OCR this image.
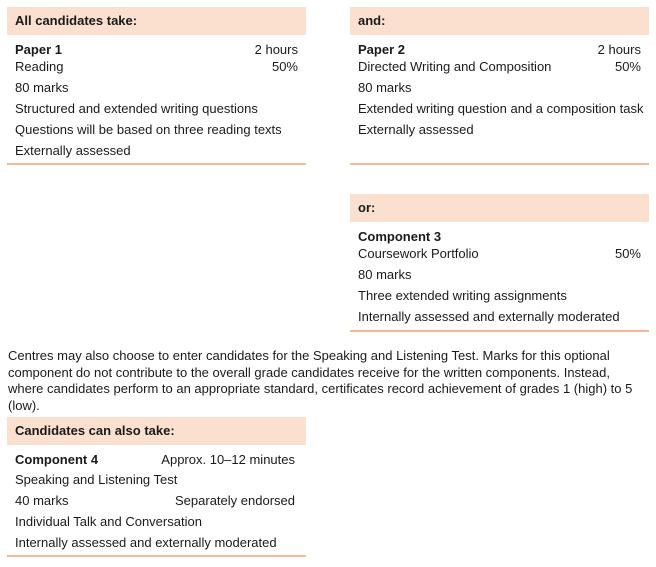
All candidates take:
Paper 1	2 hours
Reading	50%
80 marks
Structured and extended writing questions
Questions will be based on three reading texts
Externally assessed
and:
Paper 2	2 hours
Directed Writing and Composition	50%
80 marks
Extended writing question and a composition task
Externally assessed
or:
Component 3
Coursework Portfolio	50%
80 marks
Three extended writing assignments
Internally assessed and externally moderated
Centres may also choose to enter candidates for the Speaking and Listening Test. Marks for this optional component do not contribute to the overall grade candidates receive for the written components. Instead, where candidates perform to an appropriate standard, certificates record achievement of grades 1 (high) to 5 (low).
Candidates can also take:
Component 4	Approx. 10–12 minutes
Speaking and Listening Test
40 marks	Separately endorsed
Individual Talk and Conversation
Internally assessed and externally moderated
